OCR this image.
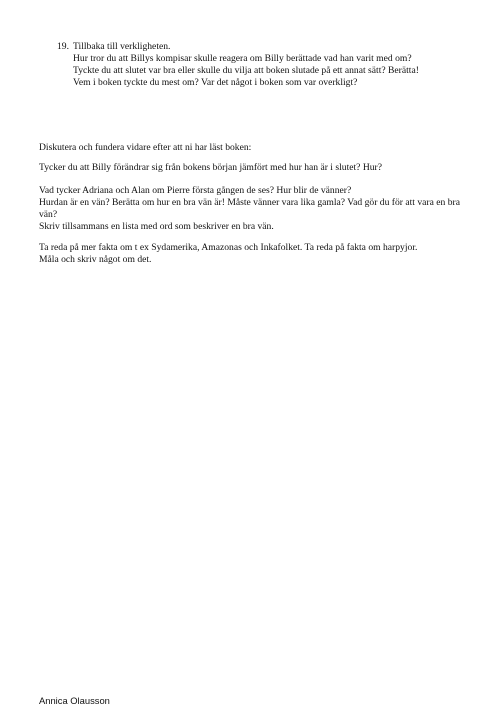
19. Tillbaka till verkligheten.
Hur tror du att Billys kompisar skulle reagera om Billy berättade vad han varit med om?
Tyckte du att slutet var bra eller skulle du vilja att boken slutade på ett annat sätt? Berätta!
Vem i boken tyckte du mest om? Var det något i boken som var overkligt?

Diskutera och fundera vidare efter att ni har läst boken:

Tycker du att Billy förändrar sig från bokens början jämfört med hur han är i slutet? Hur?

Vad tycker Adriana och Alan om Pierre första gången de ses? Hur blir de vänner?
Hurdan är en vän? Berätta om hur en bra vän är! Måste vänner vara lika gamla? Vad gör du för att vara en bra vän?
Skriv tillsammans en lista med ord som beskriver en bra vän.
Ta reda på mer fakta om t ex Sydamerika, Amazonas och Inkafolket. Ta reda på fakta om harpyjor.
Måla och skriv något om det.
Annica Olausson
